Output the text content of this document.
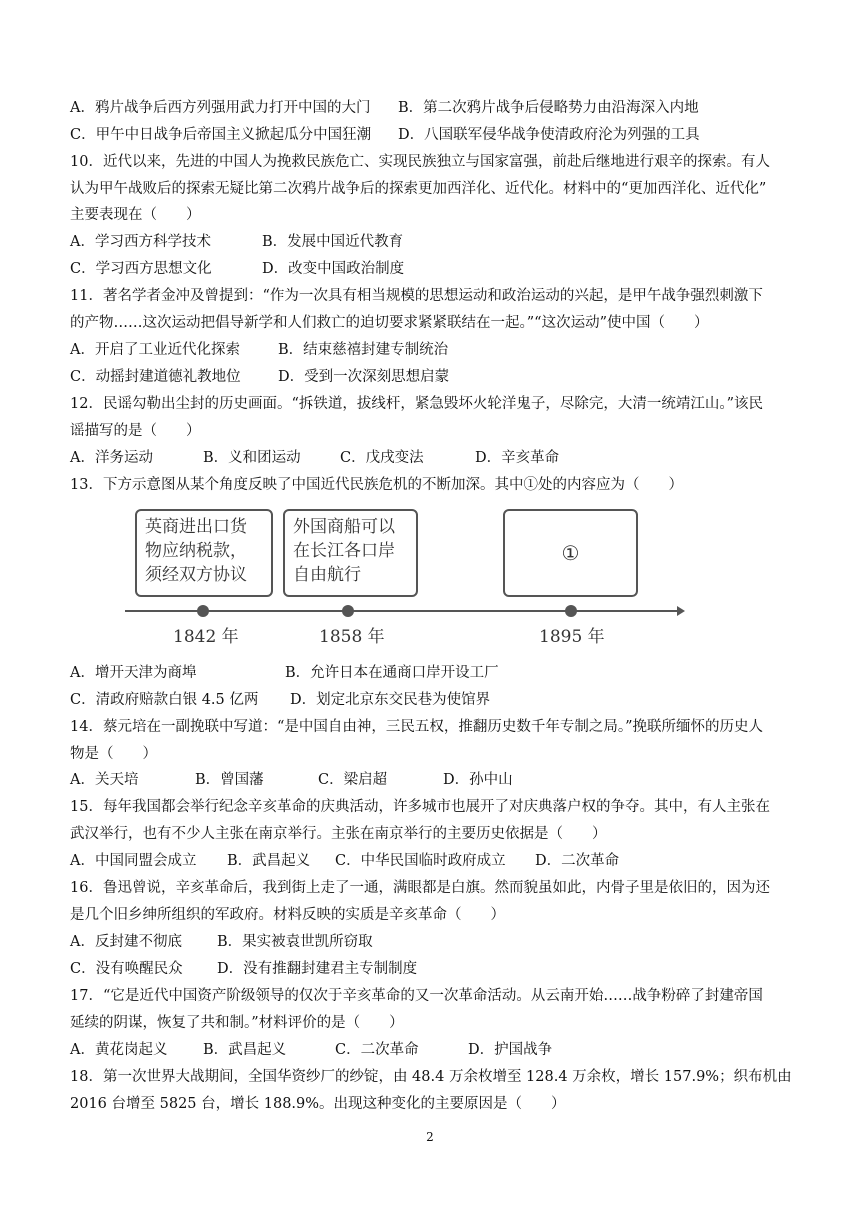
A．鸦片战争后西方列强用武力打开中国的大门 B．第二次鸦片战争后侵略势力由沿海深入内地
C．甲午中日战争后帝国主义掀起瓜分中国狂潮 D．八国联军侵华战争使清政府沦为列强的工具
10．近代以来，先进的中国人为挽救民族危亡、实现民族独立与国家富强，前赴后继地进行艰辛的探索。有人
认为甲午战败后的探索无疑比第二次鸦片战争后的探索更加西洋化、近代化。材料中的“更加西洋化、近代化”
主要表现在（　　）
A．学习西方科学技术	B．发展中国近代教育
C．学习西方思想文化	D．改变中国政治制度
11．著名学者金冲及曾提到：“作为一次具有相当规模的思想运动和政治运动的兴起，是甲午战争强烈刺激下
的产物……这次运动把倡导新学和人们救亡的迫切要求紧紧联结在一起。”“这次运动”使中国（　　）
A．开启了工业近代化探索	B．结束慈禧封建专制统治
C．动摇封建道德礼教地位	D．受到一次深刻思想启蒙
12．民谣勾勒出尘封的历史画面。“拆铁道，拔线杆，紧急毁坏火轮洋鬼子，尽除完，大清一统靖江山。”该民
谣描写的是（　　）
A．洋务运动	B．义和团运动	C．戊戌变法	D．辛亥革命
13．下方示意图从某个角度反映了中国近代民族危机的不断加深。其中①处的内容应为（　　）
英商进出口货
物应纳税款，
须经双方协议
外国商船可以
在长江各口岸
自由航行
①
1842 年	1858 年	1895 年
A．增开天津为商埠	B．允许日本在通商口岸开设工厂
C．清政府赔款白银 4.5 亿两 D．划定北京东交民巷为使馆界
14．蔡元培在一副挽联中写道：“是中国自由神，三民五权，推翻历史数千年专制之局。”挽联所缅怀的历史人
物是（　　）
A．关天培	B．曾国藩	C．梁启超	D．孙中山
15．每年我国都会举行纪念辛亥革命的庆典活动，许多城市也展开了对庆典落户权的争夺。其中，有人主张在
武汉举行，也有不少人主张在南京举行。主张在南京举行的主要历史依据是（　　）
A．中国同盟会成立 B．武昌起义 C．中华民国临时政府成立 D．二次革命
16．鲁迅曾说，辛亥革命后，我到街上走了一通，满眼都是白旗。然而貌虽如此，内骨子里是依旧的，因为还
是几个旧乡绅所组织的军政府。材料反映的实质是辛亥革命（　　）
A．反封建不彻底 B．果实被袁世凯所窃取
C．没有唤醒民众 D．没有推翻封建君主专制制度
17．“它是近代中国资产阶级领导的仅次于辛亥革命的又一次革命活动。从云南开始……战争粉碎了封建帝国
延续的阴谋，恢复了共和制。”材料评价的是（　　）
A．黄花岗起义 B．武昌起义	C．二次革命	D．护国战争
18．第一次世界大战期间，全国华资纱厂的纱锭，由 48.4 万余枚增至 128.4 万余枚，增长 157.9%；织布机由
2016 台增至 5825 台，增长 188.9%。出现这种变化的主要原因是（　　）
2
